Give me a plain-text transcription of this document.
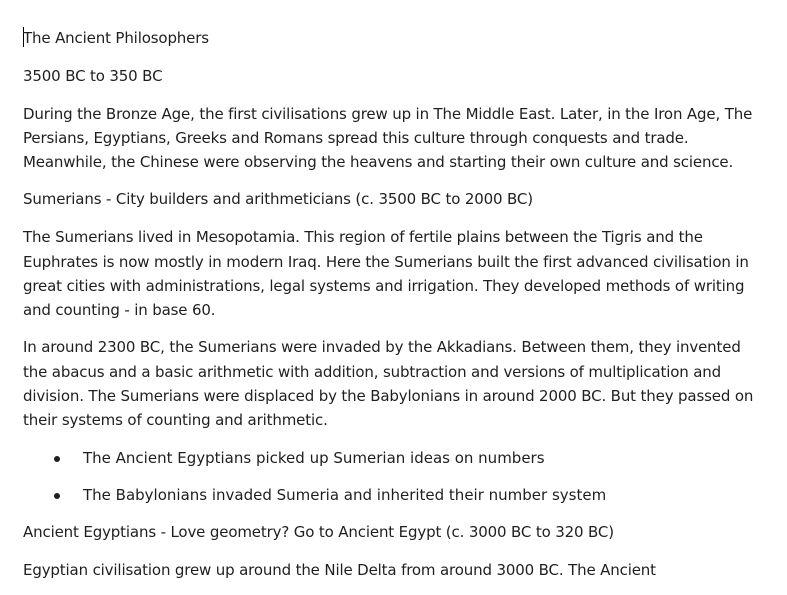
The Ancient Philosophers

3500 BC to 350 BC

During the Bronze Age, the first civilisations grew up in The Middle East. Later, in the Iron Age, The Persians, Egyptians, Greeks and Romans spread this culture through conquests and trade. Meanwhile, the Chinese were observing the heavens and starting their own culture and science.

Sumerians - City builders and arithmeticians (c. 3500 BC to 2000 BC)

The Sumerians lived in Mesopotamia. This region of fertile plains between the Tigris and the Euphrates is now mostly in modern Iraq. Here the Sumerians built the first advanced civilisation in great cities with administrations, legal systems and irrigation. They developed methods of writing and counting - in base 60.

In around 2300 BC, the Sumerians were invaded by the Akkadians. Between them, they invented the abacus and a basic arithmetic with addition, subtraction and versions of multiplication and division. The Sumerians were displaced by the Babylonians in around 2000 BC. But they passed on their systems of counting and arithmetic.

The Ancient Egyptians picked up Sumerian ideas on numbers
The Babylonians invaded Sumeria and inherited their number system

Ancient Egyptians - Love geometry? Go to Ancient Egypt (c. 3000 BC to 320 BC)

Egyptian civilisation grew up around the Nile Delta from around 3000 BC. The Ancient
